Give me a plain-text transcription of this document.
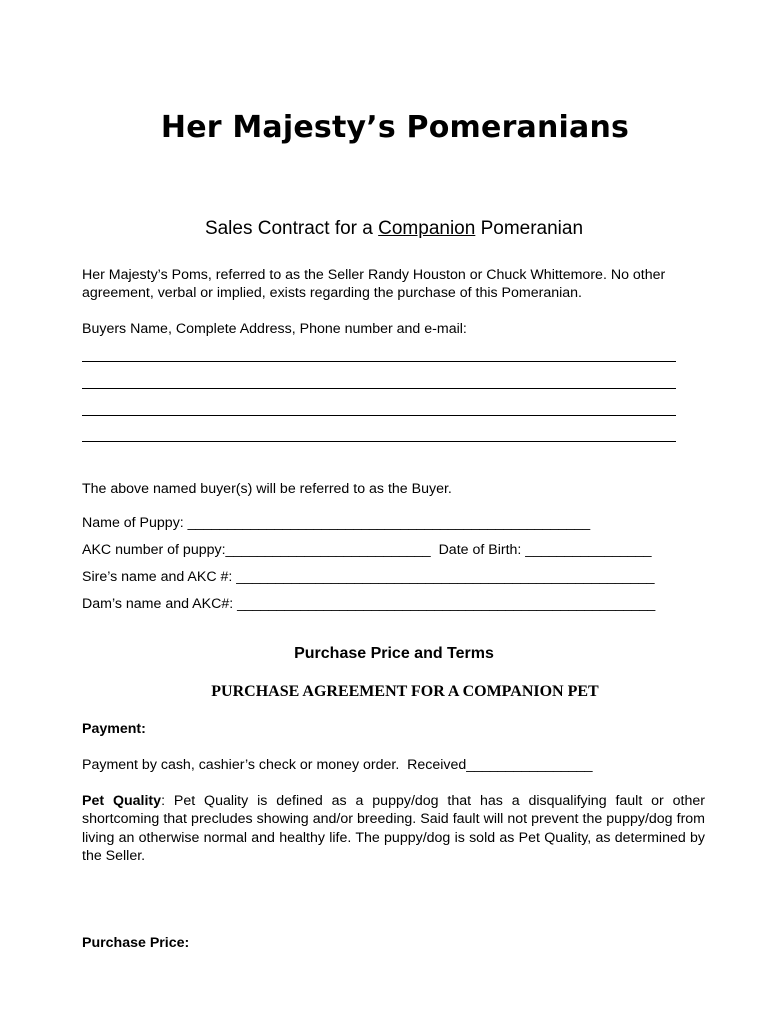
Her Majesty’s Pomeranians
Sales Contract for a Companion Pomeranian
Her Majesty’s Poms, referred to as the Seller Randy Houston or Chuck Whittemore. No other agreement, verbal or implied, exists regarding the purchase of this Pomeranian.
Buyers Name, Complete Address, Phone number and e-mail:
The above named buyer(s) will be referred to as the Buyer.
Name of Puppy: ___________________________________________________
AKC number of puppy:__________________________  Date of Birth: ________________
Sire’s name and AKC #: _____________________________________________________
Dam’s name and AKC#: _____________________________________________________
Purchase Price and Terms
PURCHASE AGREEMENT FOR A COMPANION PET
Payment:
Payment by cash, cashier’s check or money order.  Received________________
Pet Quality: Pet Quality is defined as a puppy/dog that has a disqualifying fault or other shortcoming that precludes showing and/or breeding. Said fault will not prevent the puppy/dog from living an otherwise normal and healthy life. The puppy/dog is sold as Pet Quality, as determined by the Seller.
Purchase Price:
